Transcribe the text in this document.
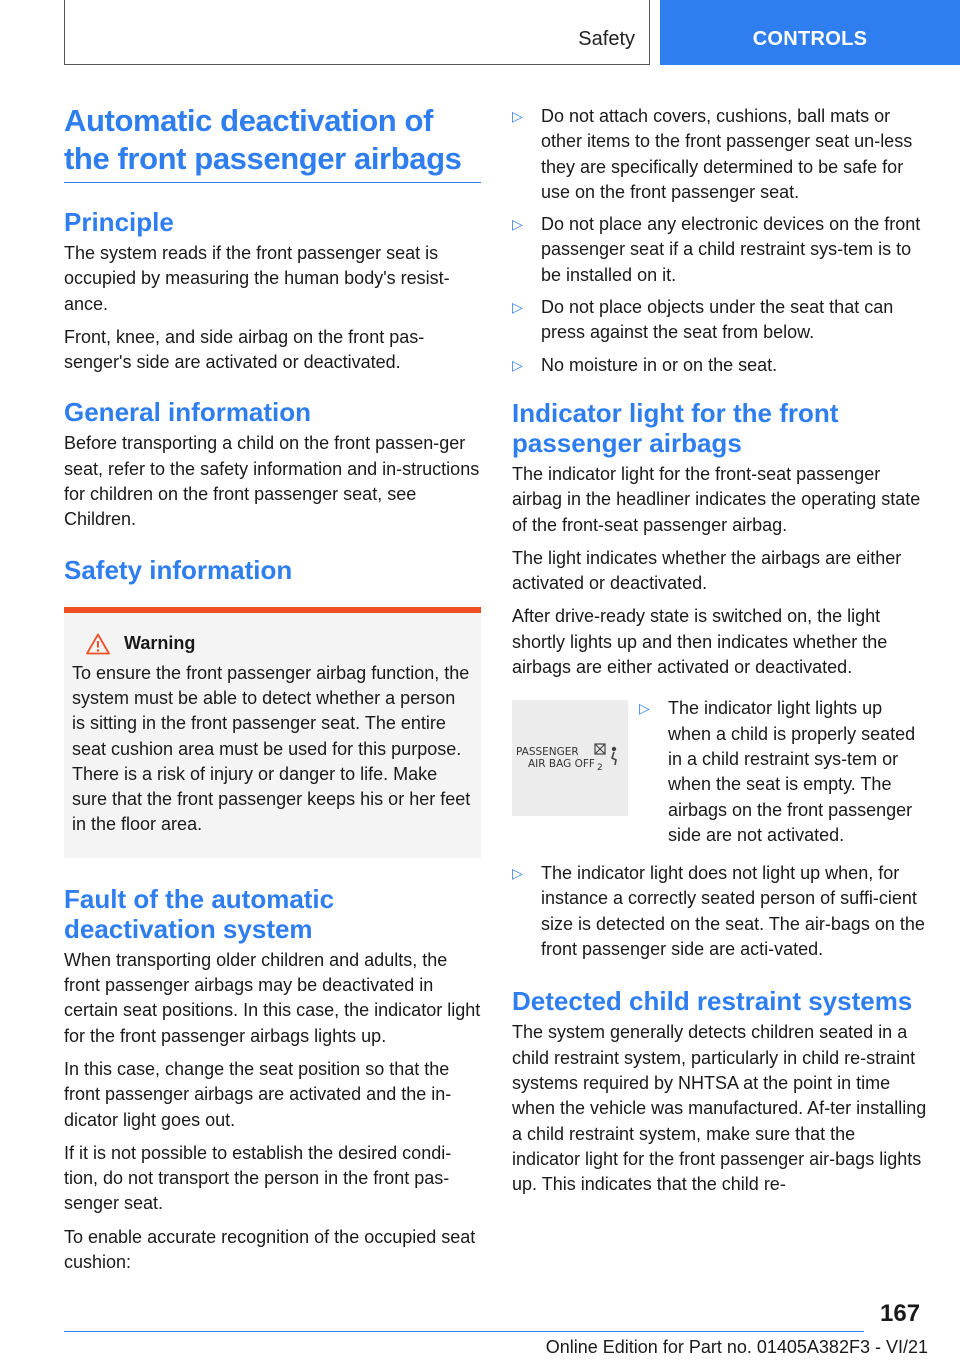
Safety	CONTROLS
Automatic deactivation of the front passenger airbags
Principle

The system reads if the front passenger seat is occupied by measuring the human body's resist-ance.

Front, knee, and side airbag on the front pas-senger's side are activated or deactivated.

General information

Before transporting a child on the front passen-ger seat, refer to the safety information and in-structions for children on the front passenger seat, see Children.

Safety information
Warning

To ensure the front passenger airbag function, the system must be able to detect whether a person is sitting in the front passenger seat. The entire seat cushion area must be used for this purpose. There is a risk of injury or danger to life. Make sure that the front passenger keeps his or her feet in the floor area.

Fault of the automatic deactivation system

When transporting older children and adults, the front passenger airbags may be deactivated in certain seat positions. In this case, the indicator light for the front passenger airbags lights up.

In this case, change the seat position so that the front passenger airbags are activated and the in-dicator light goes out.

If it is not possible to establish the desired condi-tion, do not transport the person in the front pas-senger seat.

To enable accurate recognition of the occupied seat cushion:

▷	Do not attach covers, cushions, ball mats or other items to the front passenger seat un-less they are specifically determined to be safe for use on the front passenger seat.
▷	Do not place any electronic devices on the front passenger seat if a child restraint sys-tem is to be installed on it.
▷	Do not place objects under the seat that can press against the seat from below.
▷	No moisture in or on the seat.
Indicator light for the front passenger airbags

The indicator light for the front-seat passenger airbag in the headliner indicates the operating state of the front-seat passenger airbag.

The light indicates whether the airbags are either activated or deactivated.

After drive-ready state is switched on, the light shortly lights up and then indicates whether the airbags are either activated or deactivated.

PASSENGER
AIR BAG OFF 2
▷	The indicator light lights up when a child is properly seated in a child restraint sys-tem or when the seat is empty. The airbags on the front passenger side are not activated.
▷	The indicator light does not light up when, for instance a correctly seated person of suffi-cient size is detected on the seat. The air-bags on the front passenger side are acti-vated.
Detected child restraint systems

The system generally detects children seated in a child restraint system, particularly in child re-straint systems required by NHTSA at the point in time when the vehicle was manufactured. Af-ter installing a child restraint system, make sure that the indicator light for the front passenger air-bags lights up. This indicates that the child re-

167
Online Edition for Part no. 01405A382F3 - VI/21
